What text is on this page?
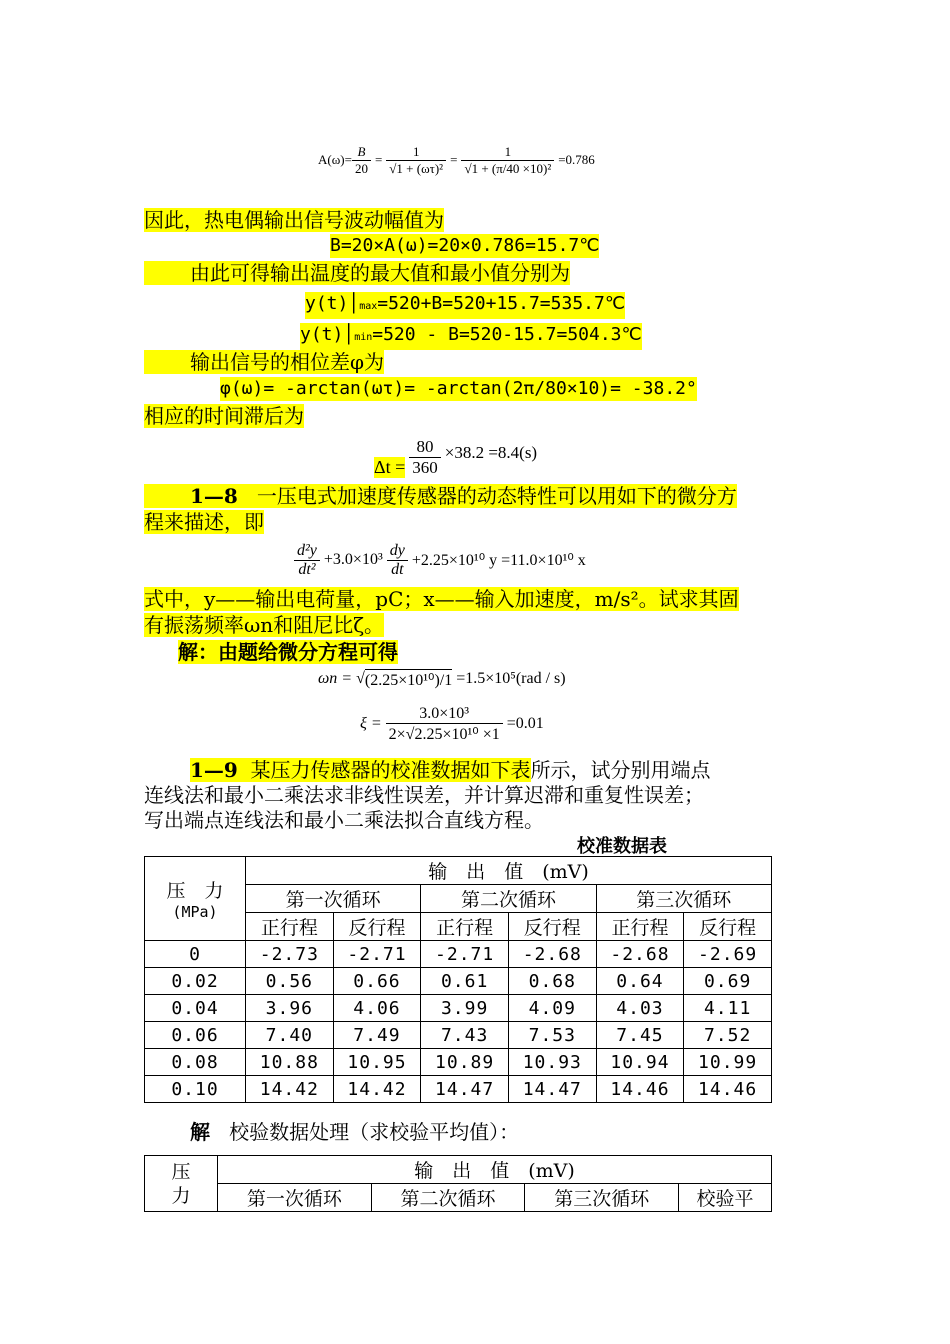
$A(\omega)= \frac{B}{20} = \frac{1}{\text{√1 + (ωτ)²}} = \frac{1}{\text{√1 + (π/40 ×10)²}} =0.786$
因此，热电偶输出信号波动幅值为
B=20×A(ω)=20×0.786=15.7℃
由此可得输出温度的最大值和最小值分别为
y(t)│max=520+B=520+15.7=535.7℃
y(t)│min=520 - B=520-15.7=504.3℃
输出信号的相位差φ为
φ(ω)= -arctan(ωτ)= -arctan(2π/80×10)= -38.2°
相应的时间滞后为
$\Delta t = \frac{80}{360} \times 38.2 =8.4(s)$
1—8 一压电式加速度传感器的动态特性可以用如下的微分方
程来描述，即
$\frac{\text{d²y}}{\text{dt²}} +3.0\times 10^3 \frac{dy}{dt} +2.25\times 10^{10}$ y =11.0×10¹⁰ x
式中，y——输出电荷量，pC；x——输入加速度，m/s²。试求其固
有振荡频率ωn和阻尼比ζ。
解：由题给微分方程可得
ωn = √ (2.25×10¹⁰)/1 =1.5×10⁵(rad / s)
$\xi = \frac{\text{3.0×10³}}{\text{2×√2.25×10¹⁰ ×1}} =0.01$
1—9 某压力传感器的校准数据如下表所示，试分别用端点
连线法和最小二乘法求非线性误差，并计算迟滞和重复性误差；
写出端点连线法和最小二乘法拟合直线方程。
校准数据表
压　力
(MPa)	输　出　值　(mV)					
	第一次循环		第二次循环		第三次循环	
	正行程	反行程	正行程	反行程	正行程	反行程
0	-2.73	-2.71	-2.71	-2.68	-2.68	-2.69
0.02	0.56	0.66	0.61	0.68	0.64	0.69
0.04	3.96	4.06	3.99	4.09	4.03	4.11
0.06	7.40	7.49	7.43	7.53	7.45	7.52
0.08	10.88	10.95	10.89	10.93	10.94	10.99
0.10	14.42	14.42	14.47	14.47	14.46	14.46
解 校验数据处理（求校验平均值）：
压
力	输　出　值　(mV)			
	第一次循环	第二次循环	第三次循环	校验平
